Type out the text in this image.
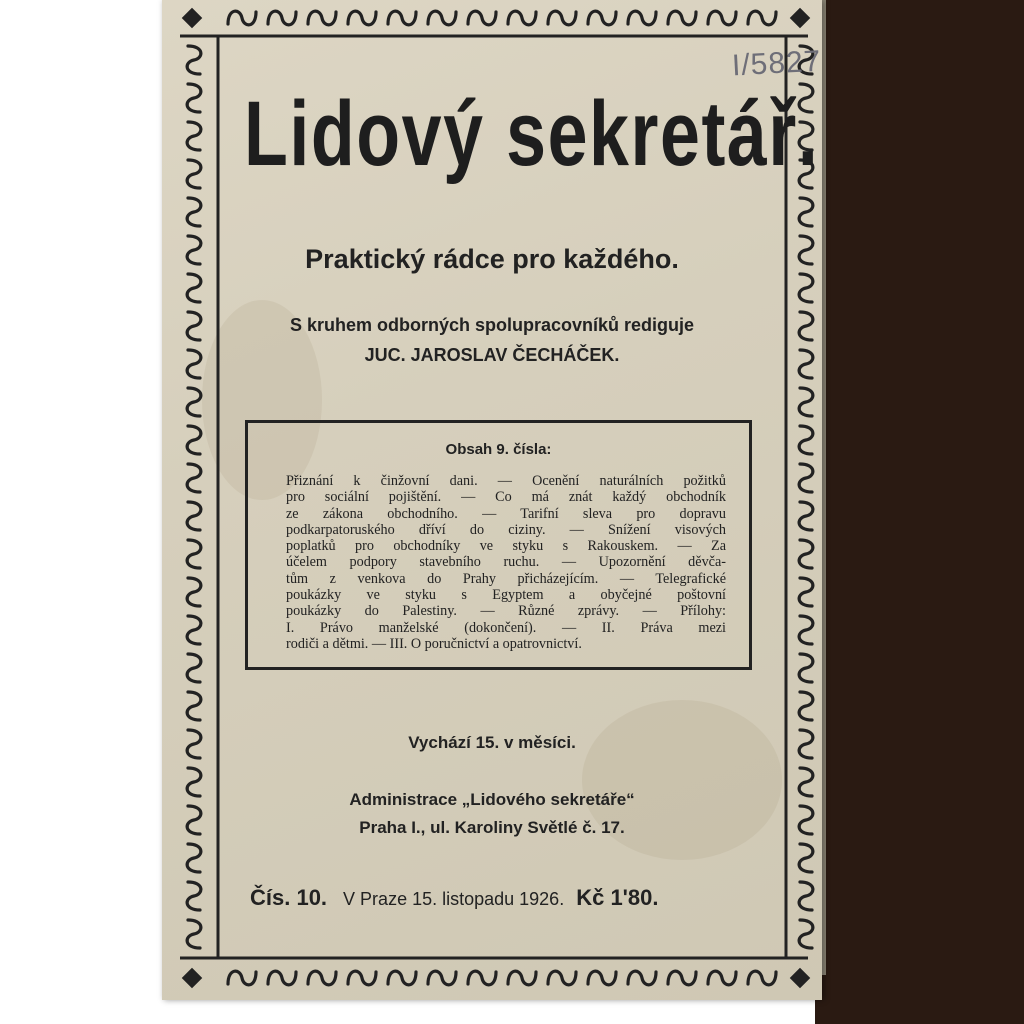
I/5827
Lidový sekretář.
Praktický rádce pro každého.
S kruhem odborných spolupracovníků rediguje
JUC. JAROSLAV ČECHÁČEK.
Obsah 9. čísla:
Přiznání k činžovní dani. — Ocenění naturálních požitků
pro sociální pojištění. — Co má znát každý obchodník
ze zákona obchodního. — Tarifní sleva pro dopravu
podkarpatoruského dříví do ciziny. — Snížení visových
poplatků pro obchodníky ve styku s Rakouskem. — Za
účelem podpory stavebního ruchu. — Upozornění děvča-
tům z venkova do Prahy přicházejícím. — Telegrafické
poukázky ve styku s Egyptem a obyčejné poštovní
poukázky do Palestiny. — Různé zprávy. — Přílohy:
I. Právo manželské (dokončení). — II. Práva mezi
rodiči a dětmi. — III. O poručnictví a opatrovnictví.
Vychází 15. v měsíci.
Administrace „Lidového sekretáře“
Praha I., ul. Karoliny Světlé č. 17.
Čís. 10. V Praze 15. listopadu 1926. Kč 1'80.
